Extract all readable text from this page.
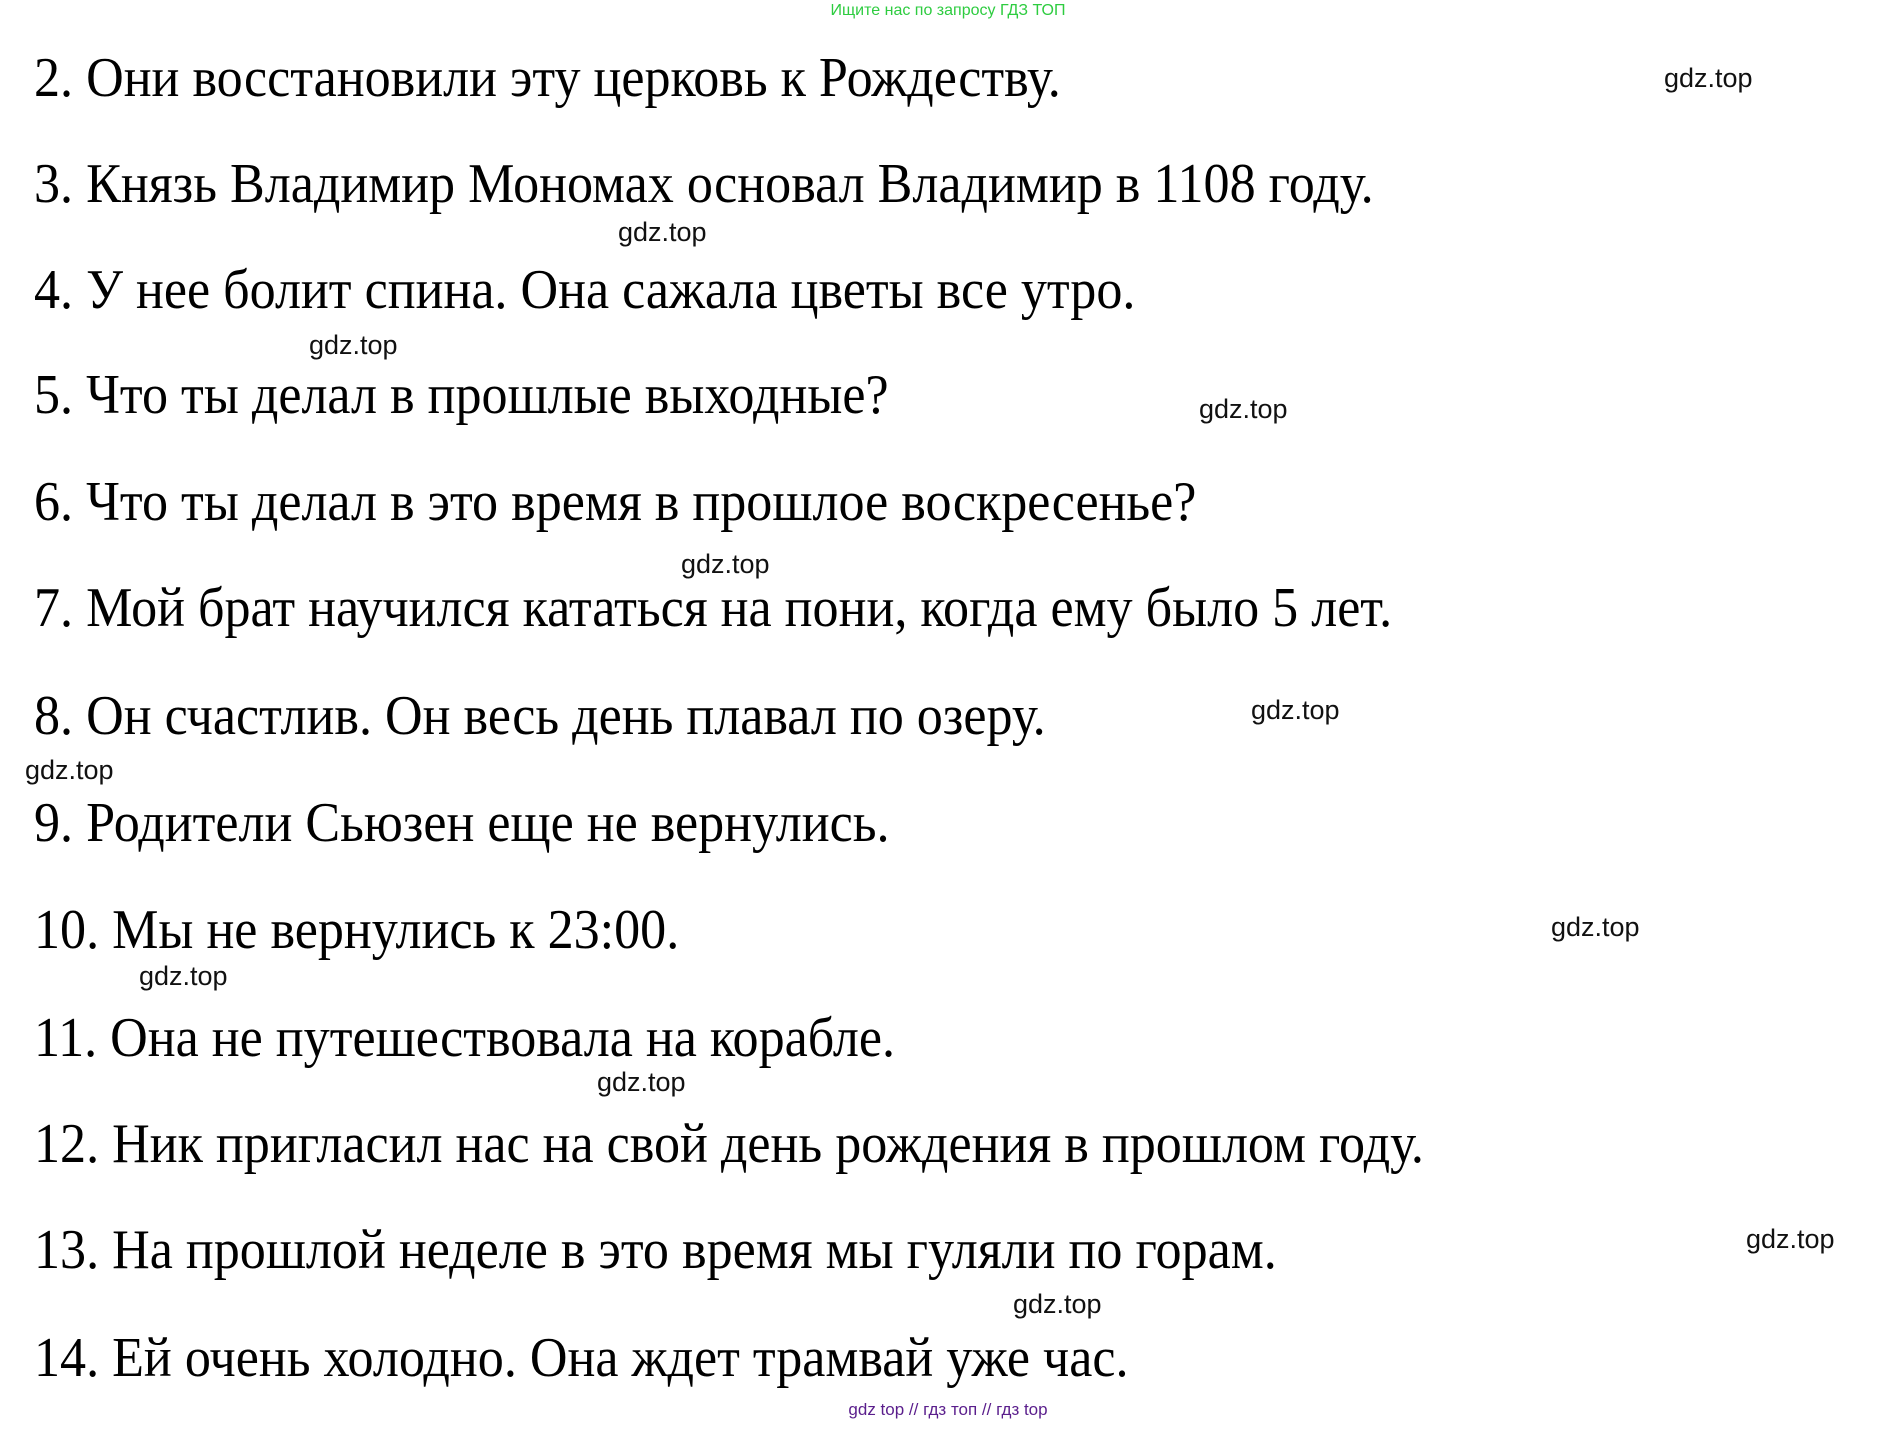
Ищите нас по запросу ГДЗ ТОП
2. Они восстановили эту церковь к Рождеству.
3. Князь Владимир Мономах основал Владимир в 1108 году.
4. У нее болит спина. Она сажала цветы все утро.
5. Что ты делал в прошлые выходные?
6. Что ты делал в это время в прошлое воскресенье?
7. Мой брат научился кататься на пони, когда ему было 5 лет.
8. Он счастлив. Он весь день плавал по озеру.
9. Родители Сьюзен еще не вернулись.
10. Мы не вернулись к 23:00.
11. Она не путешествовала на корабле.
12. Ник пригласил нас на свой день рождения в прошлом году.
13. На прошлой неделе в это время мы гуляли по горам.
14. Ей очень холодно. Она ждет трамвай уже час.
gdz.top
gdz.top
gdz.top
gdz.top
gdz.top
gdz.top
gdz.top
gdz.top
gdz.top
gdz.top
gdz.top
gdz.top
gdz top // гдз топ // гдз top
